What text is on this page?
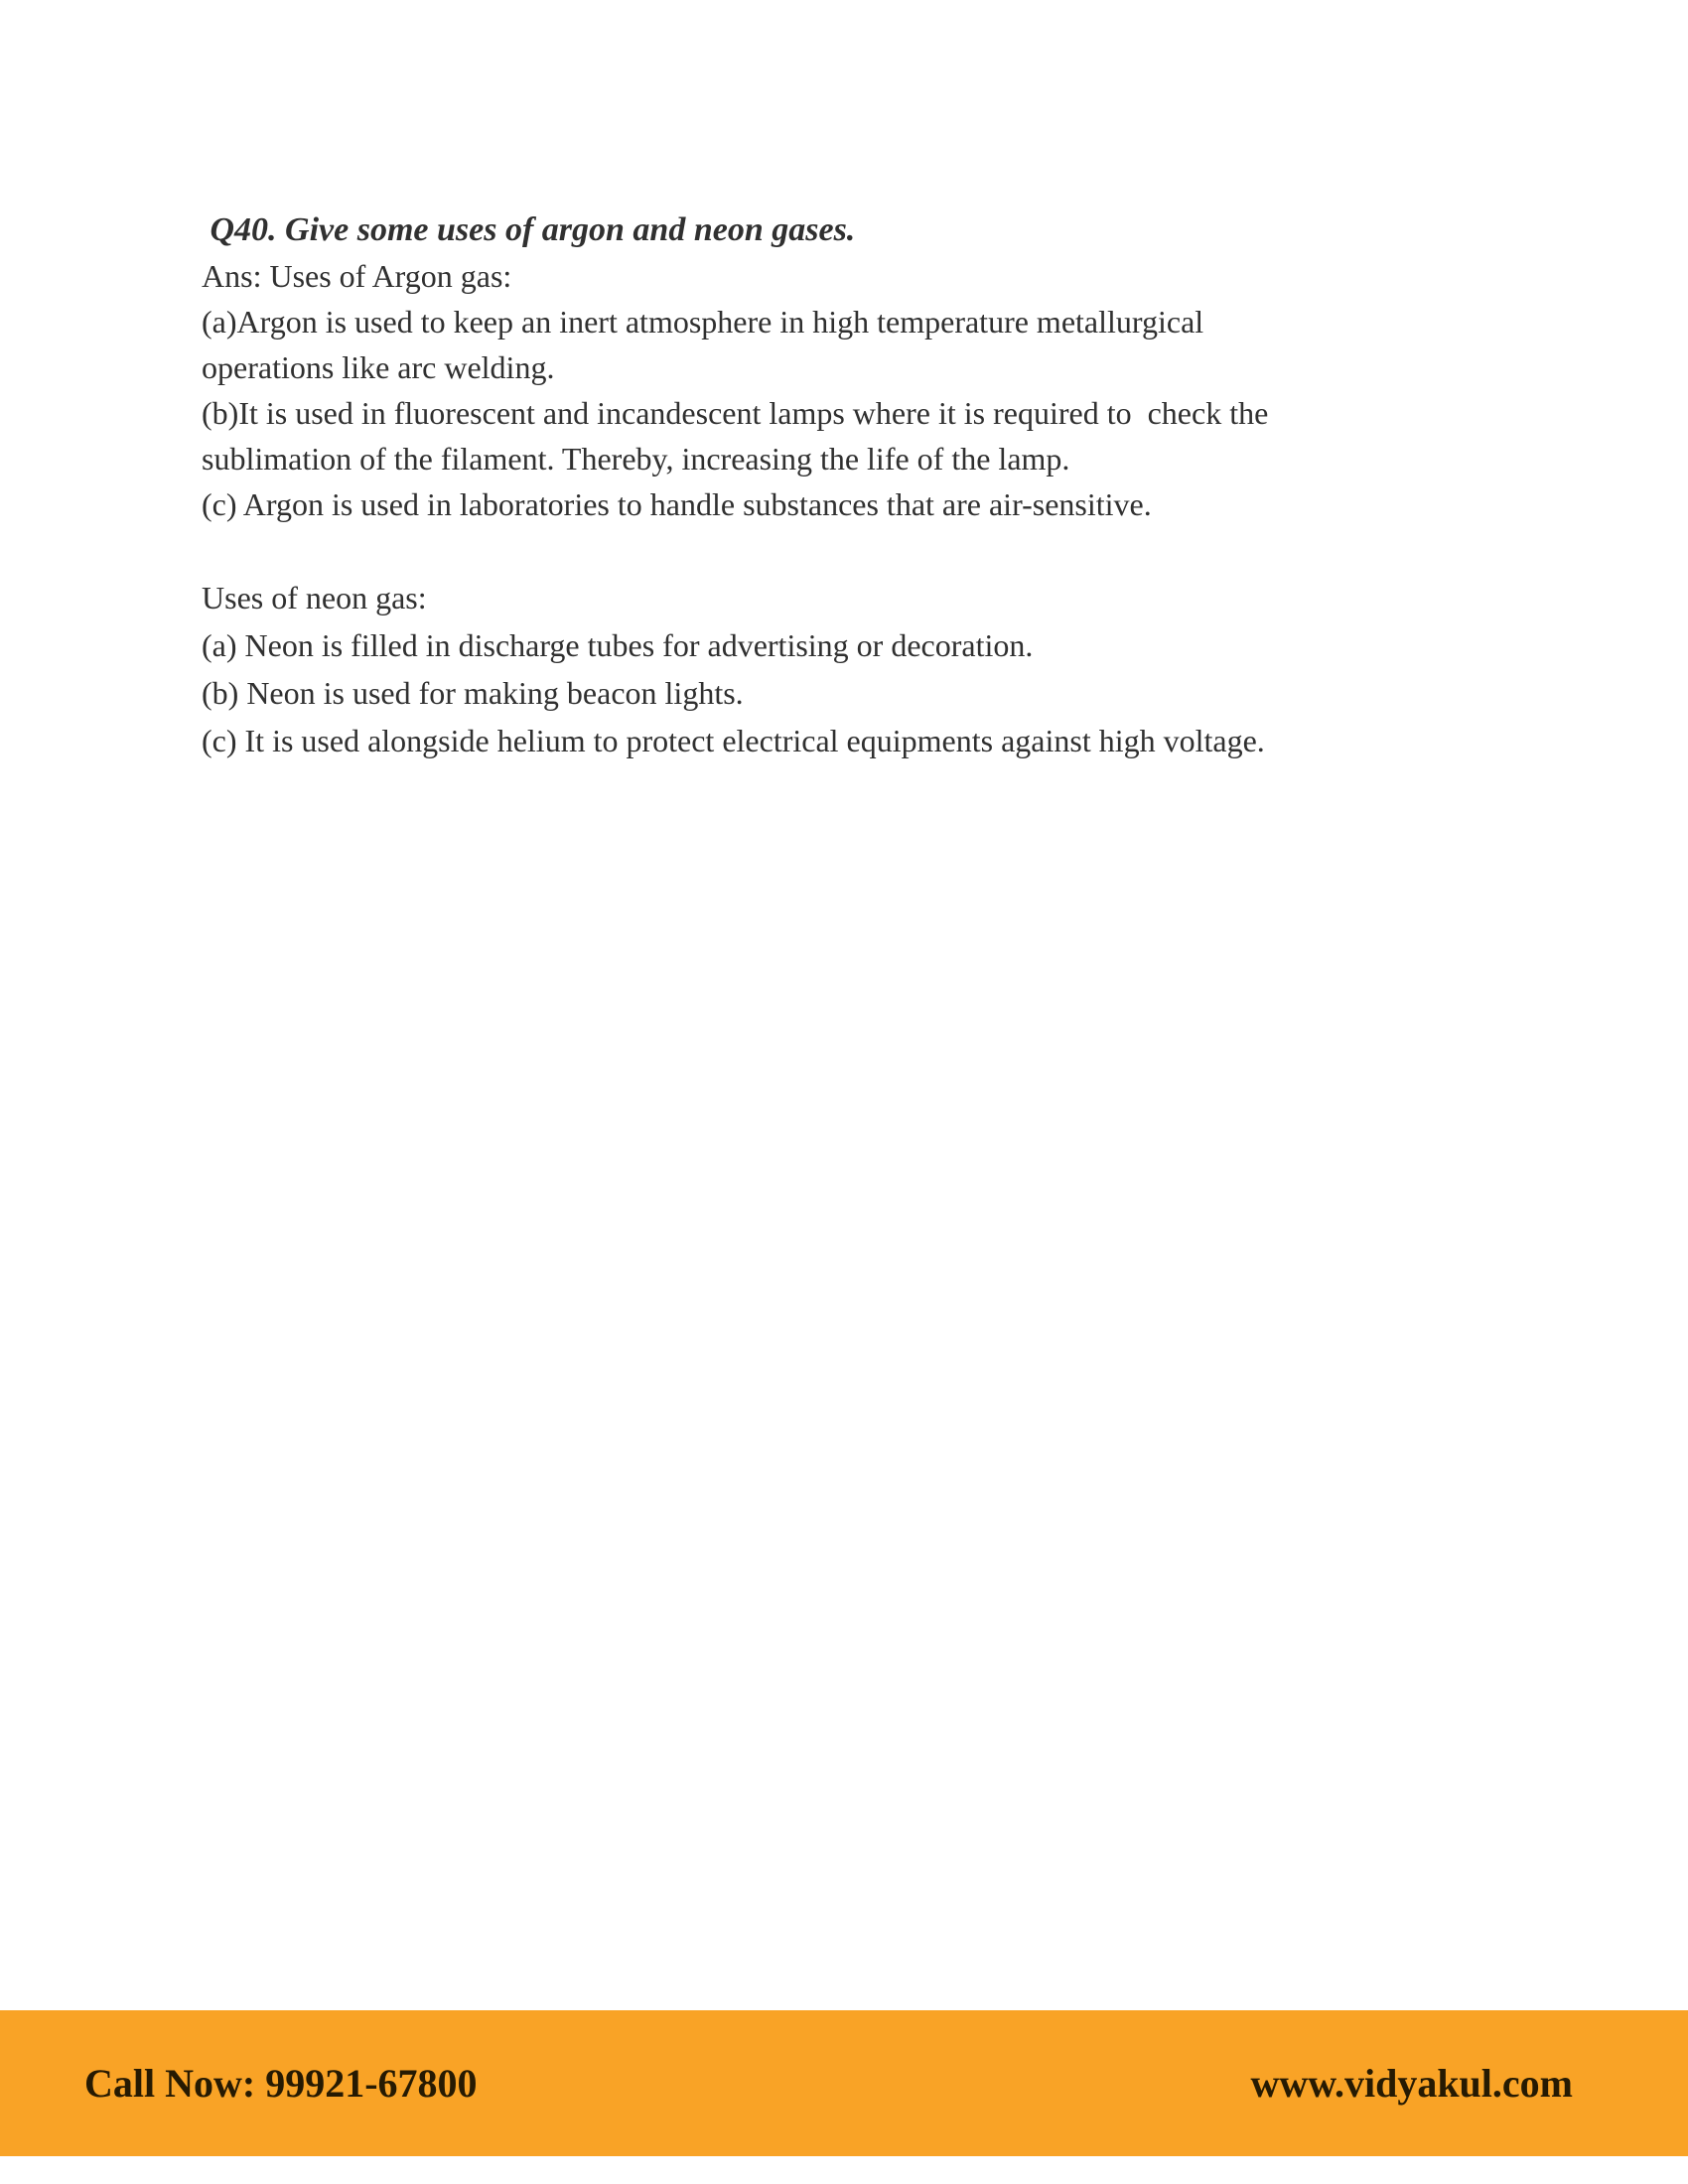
Q40. Give some uses of argon and neon gases.
Ans: Uses of Argon gas:
(a)Argon is used to keep an inert atmosphere in high temperature metallurgical
operations like arc welding.
(b)It is used in fluorescent and incandescent lamps where it is required to  check the
sublimation of the filament. Thereby, increasing the life of the lamp.
(c) Argon is used in laboratories to handle substances that are air-sensitive.
Uses of neon gas:
(a) Neon is filled in discharge tubes for advertising or decoration.
(b) Neon is used for making beacon lights.
(c) It is used alongside helium to protect electrical equipments against high voltage.
Call Now: 99921-67800	www.vidyakul.com
